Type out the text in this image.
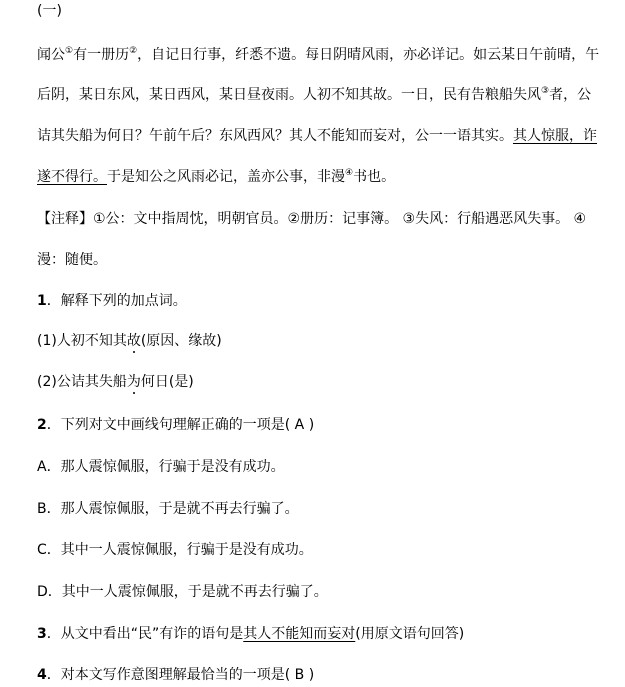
(一)
闻公①有一册历②，自记日行事，纤悉不遗。每日阴晴风雨，亦必详记。如云某日午前晴，午
后阴，某日东风，某日西风，某日昼夜雨。人初不知其故。一日，民有告粮船失风③者，公
诘其失船为何日？午前午后？东风西风？其人不能知而妄对，公一一语其实。其人惊服，诈
遂不得行。于是知公之风雨必记，盖亦公事，非漫④书也。
【注释】①公：文中指周忱，明朝官员。②册历：记事簿。 ③失风：行船遇恶风失事。 ④
漫：随便。
1．解释下列的加点词。
(1)人初不知其故(原因、缘故)
(2)公诘其失船为何日(是)
2．下列对文中画线句理解正确的一项是( A )
A．那人震惊佩服，行骗于是没有成功。
B．那人震惊佩服，于是就不再去行骗了。
C．其中一人震惊佩服，行骗于是没有成功。
D．其中一人震惊佩服，于是就不再去行骗了。
3．从文中看出“民”有诈的语句是其人不能知而妄对(用原文语句回答)
4．对本文写作意图理解最恰当的一项是( B )
